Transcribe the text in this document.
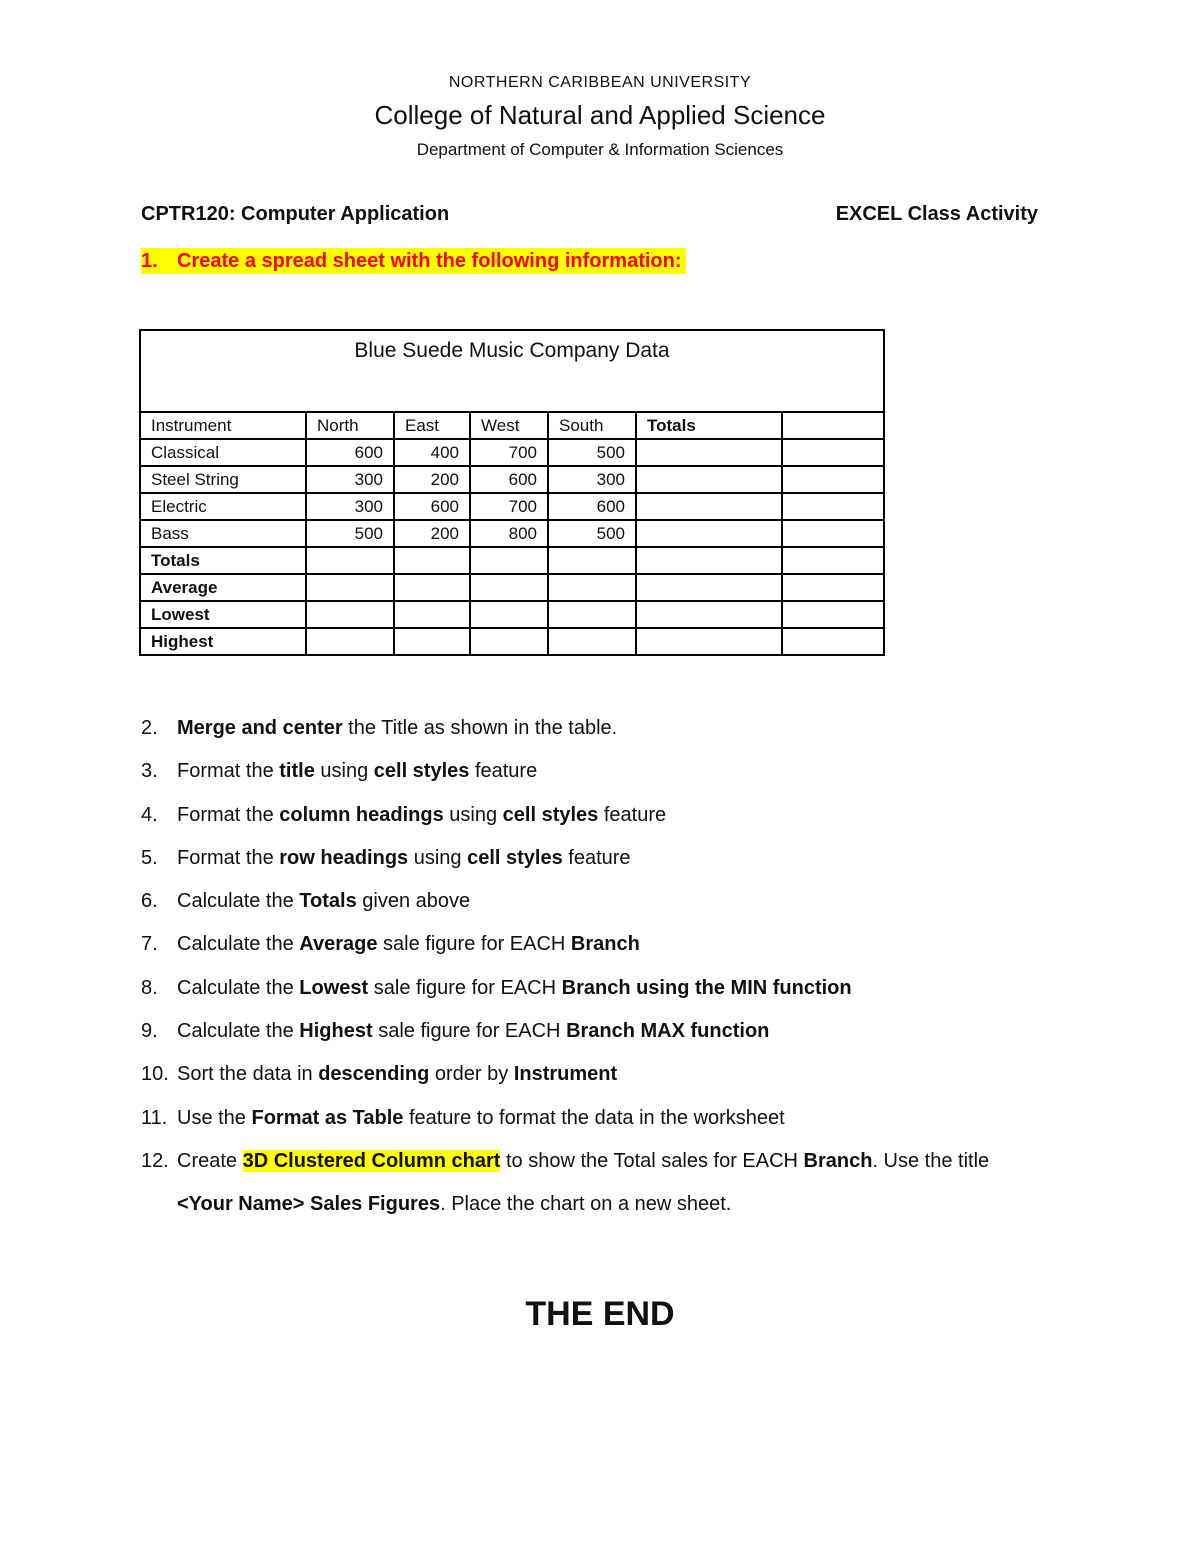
NORTHERN CARIBBEAN UNIVERSITY
College of Natural and Applied Science
Department of Computer & Information Sciences
CPTR120: Computer Application	EXCEL Class Activity
1. Create a spread sheet with the following information:
Blue Suede Music Company Data						
Instrument	North	East	West	South	Totals	
Classical	600	400	700	500		
Steel String	300	200	600	300		
Electric	300	600	700	600		
Bass	500	200	800	500		
Totals						
Average						
Lowest						
Highest						
2. Merge and center the Title as shown in the table.
3. Format the title using cell styles feature
4. Format the column headings using cell styles feature
5. Format the row headings using cell styles feature
6. Calculate the Totals given above
7. Calculate the Average sale figure for EACH Branch
8. Calculate the Lowest sale figure for EACH Branch using the MIN function
9. Calculate the Highest sale figure for EACH Branch MAX function
10. Sort the data in descending order by Instrument
11. Use the Format as Table feature to format the data in the worksheet
12. Create 3D Clustered Column chart to show the Total sales for EACH Branch. Use the title
<Your Name> Sales Figures. Place the chart on a new sheet.
THE END
